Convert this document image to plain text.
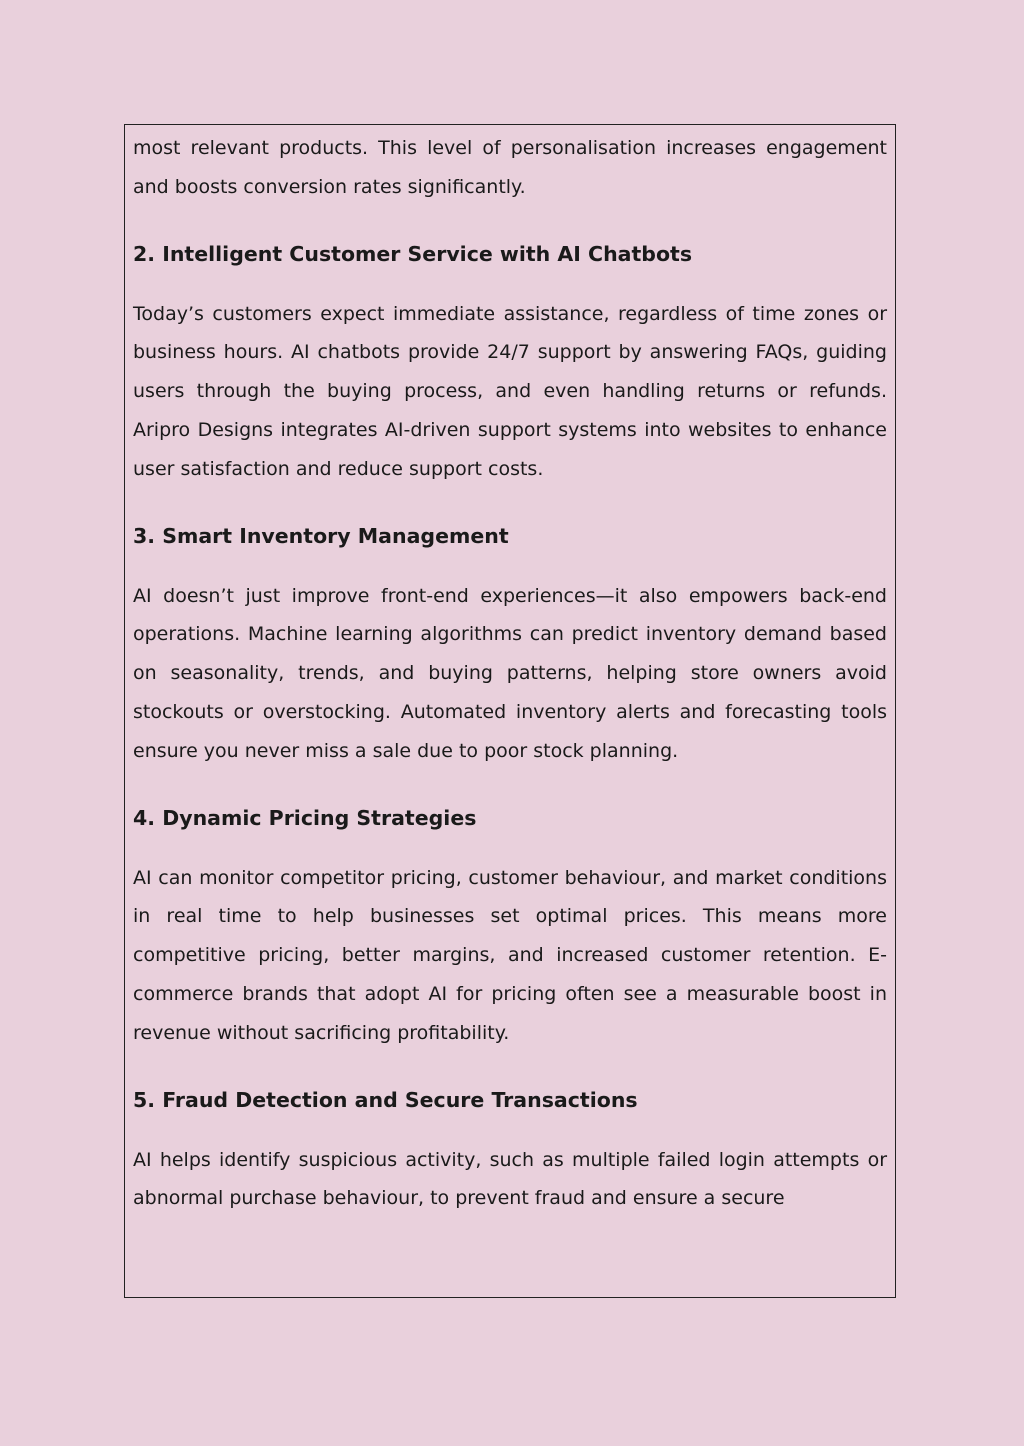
most relevant products. This level of personalisation increases engagement and boosts conversion rates significantly.

2. Intelligent Customer Service with AI Chatbots

Today’s customers expect immediate assistance, regardless of time zones or business hours. AI chatbots provide 24/7 support by answering FAQs, guiding users through the buying process, and even handling returns or refunds. Aripro Designs integrates AI-driven support systems into websites to enhance user satisfaction and reduce support costs.

3. Smart Inventory Management

AI doesn’t just improve front-end experiences—it also empowers back-end operations. Machine learning algorithms can predict inventory demand based on seasonality, trends, and buying patterns, helping store owners avoid stockouts or overstocking. Automated inventory alerts and forecasting tools ensure you never miss a sale due to poor stock planning.

4. Dynamic Pricing Strategies

AI can monitor competitor pricing, customer behaviour, and market conditions in real time to help businesses set optimal prices. This means more competitive pricing, better margins, and increased customer retention. E-commerce brands that adopt AI for pricing often see a measurable boost in revenue without sacrificing profitability.

5. Fraud Detection and Secure Transactions

AI helps identify suspicious activity, such as multiple failed login attempts or abnormal purchase behaviour, to prevent fraud and ensure a secure
